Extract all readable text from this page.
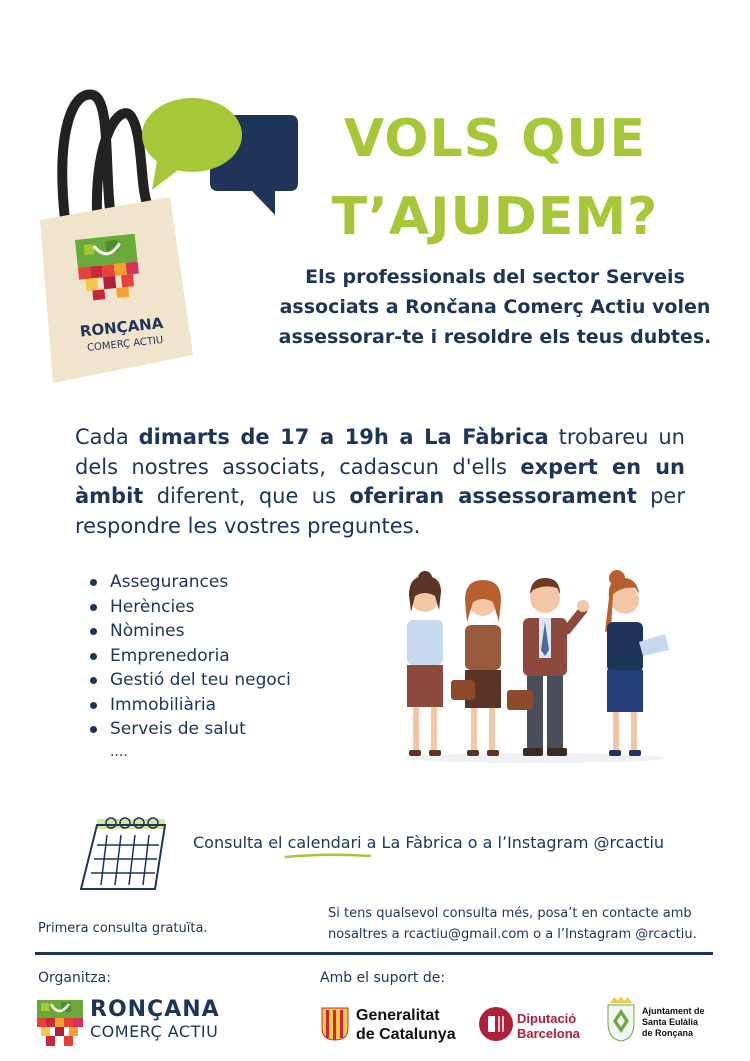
RONÇANA
COMERÇ ACTIU
VOLS QUE
T’AJUDEM?
Els professionals del sector Serveis
associats a Rončana Comerç Actiu volen
assessorar-te i resoldre els teus dubtes.
Cada dimarts de 17 a 19h a La Fàbrica trobareu un dels nostres associats, cadascun d'ells expert en un àmbit diferent, que us oferiran assessorament per respondre les vostres preguntes.
Assegurances
Herències
Nòmines
Emprenedoria
Gestió del teu negoci
Immobiliària
Serveis de salut
....
Consulta el calendari a La Fàbrica o a l’Instagram @rcactiu
Primera consulta gratuïta.
Si tens qualsevol consulta més, posa’t en contacte amb
nosaltres a rcactiu@gmail.com o a l’Instagram @rcactiu.
Organitza:	Amb el suport de:
RONÇANA
COMERÇ ACTIU
Generalitat
de Catalunya
Diputació
Barcelona
Ajuntament de
Santa Eulàlia
de Ronçana
